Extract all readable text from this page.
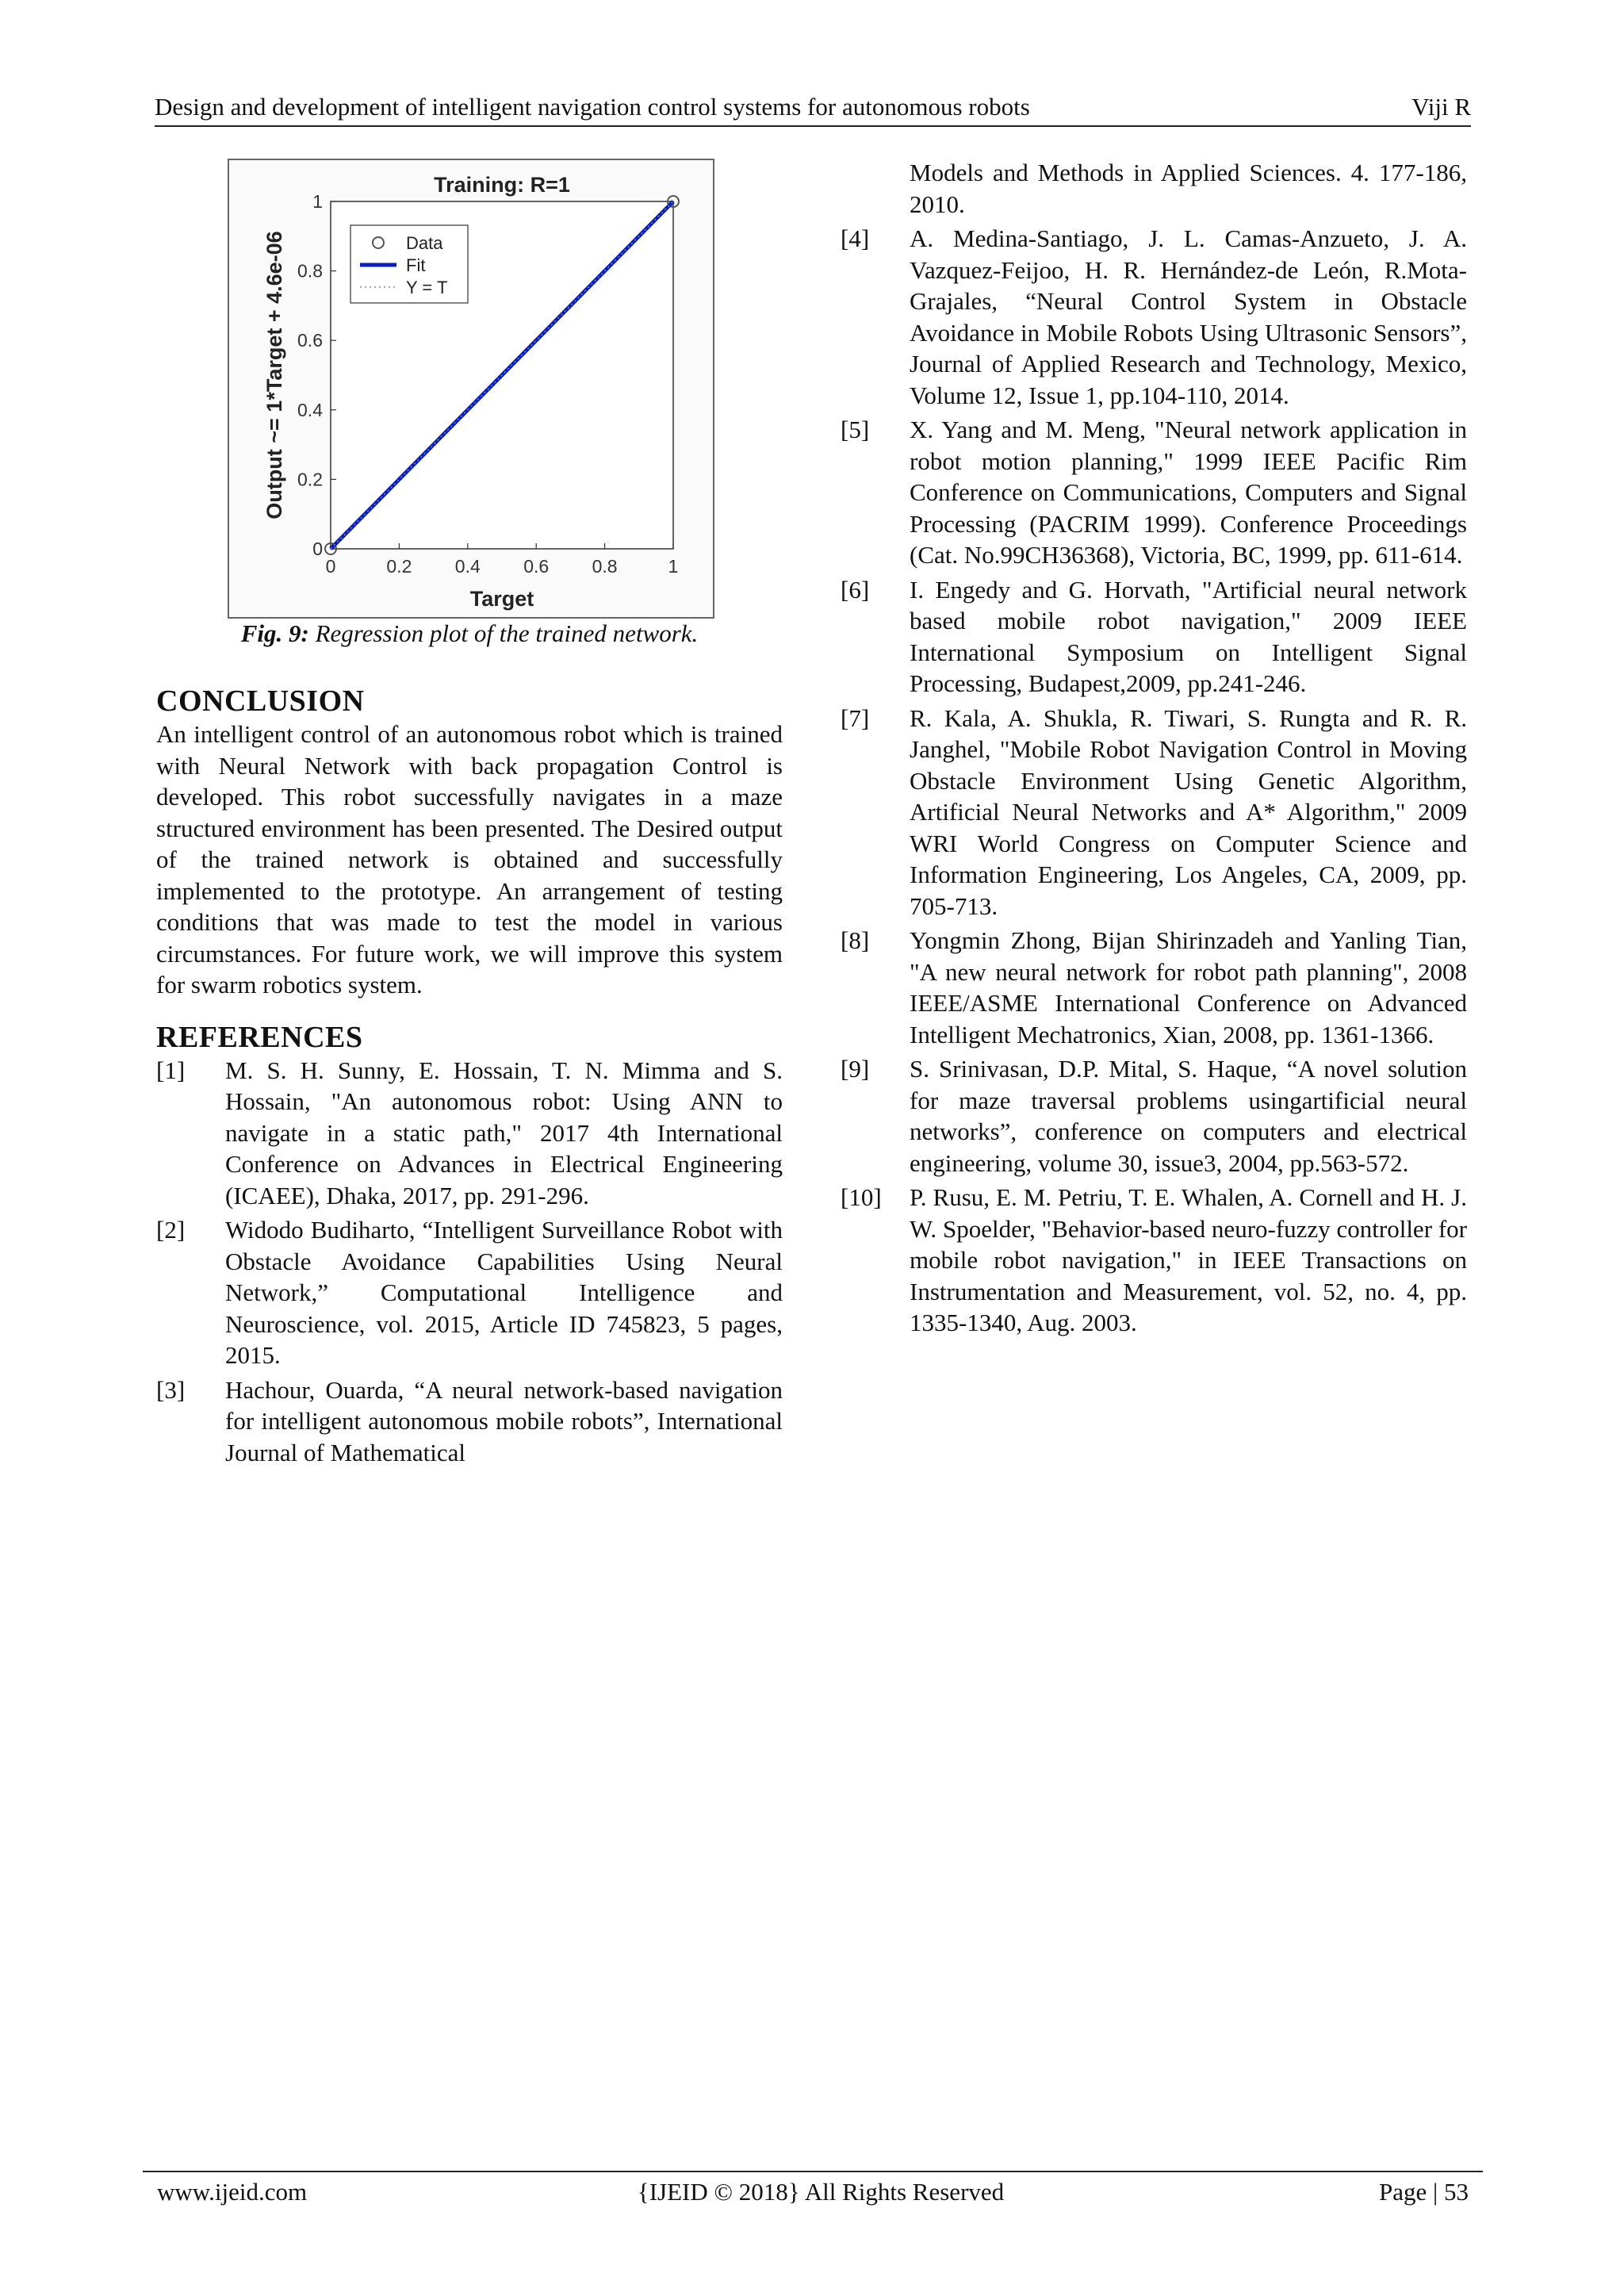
Design and development of intelligent navigation control systems for autonomous robots	Viji R
Training: R=1
Target
Output ~= 1*Target + 4.6e-06
0	0.2 0.4 0.6 0.8	1
0
0.2
0.4
0.6
0.8
1
Data
Fit
Y = T
Fig. 9: Regression plot of the trained network.
CONCLUSION

An intelligent control of an autonomous robot which is trained with Neural Network with back propagation Control is developed. This robot successfully navigates in a maze structured environment has been presented. The Desired output of the trained network is obtained and successfully implemented to the prototype. An arrangement of testing conditions that was made to test the model in various circumstances. For future work, we will improve this system for swarm robotics system.

REFERENCES
[1]	M. S. H. Sunny, E. Hossain, T. N. Mimma and S. Hossain, "An autonomous robot: Using ANN to navigate in a static path," 2017 4th International Conference on Advances in Electrical Engineering (ICAEE), Dhaka, 2017, pp. 291-296.
[2]	Widodo Budiharto, “Intelligent Surveillance Robot with Obstacle Avoidance Capabilities Using Neural Network,” Computational Intelligence and Neuroscience, vol. 2015, Article ID 745823, 5 pages, 2015.
[3]	Hachour, Ouarda, “A neural network-based navigation for intelligent autonomous mobile robots”, International Journal of Mathematical
Models and Methods in Applied Sciences. 4. 177-186, 2010.
[4]	A. Medina-Santiago, J. L. Camas-Anzueto, J. A. Vazquez-Feijoo, H. R. Hernández-de León, R.Mota-Grajales, “Neural Control System in Obstacle Avoidance in Mobile Robots Using Ultrasonic Sensors”, Journal of Applied Research and Technology, Mexico, Volume 12, Issue 1, pp.104-110, 2014.
[5]	X. Yang and M. Meng, "Neural network application in robot motion planning," 1999 IEEE Pacific Rim Conference on Communications, Computers and Signal Processing (PACRIM 1999). Conference Proceedings (Cat. No.99CH36368), Victoria, BC, 1999, pp. 611-614.
[6]	I. Engedy and G. Horvath, "Artificial neural network based mobile robot navigation," 2009 IEEE International Symposium on Intelligent Signal Processing, Budapest,2009, pp.241-246.
[7]	R. Kala, A. Shukla, R. Tiwari, S. Rungta and R. R. Janghel, "Mobile Robot Navigation Control in Moving Obstacle Environment Using Genetic Algorithm, Artificial Neural Networks and A* Algorithm," 2009 WRI World Congress on Computer Science and Information Engineering, Los Angeles, CA, 2009, pp. 705-713.
[8]	Yongmin Zhong, Bijan Shirinzadeh and Yanling Tian, "A new neural network for robot path planning", 2008 IEEE/ASME International Conference on Advanced Intelligent Mechatronics, Xian, 2008, pp. 1361-1366.
[9]	S. Srinivasan, D.P. Mital, S. Haque, “A novel solution for maze traversal problems usingartificial neural networks”, conference on computers and electrical engineering, volume 30, issue3, 2004, pp.563-572.
[10]	P. Rusu, E. M. Petriu, T. E. Whalen, A. Cornell and H. J. W. Spoelder, "Behavior-based neuro-fuzzy controller for mobile robot navigation," in IEEE Transactions on Instrumentation and Measurement, vol. 52, no. 4, pp. 1335-1340, Aug. 2003.
www.ijeid.com	{IJEID © 2018} All Rights Reserved	Page | 53
